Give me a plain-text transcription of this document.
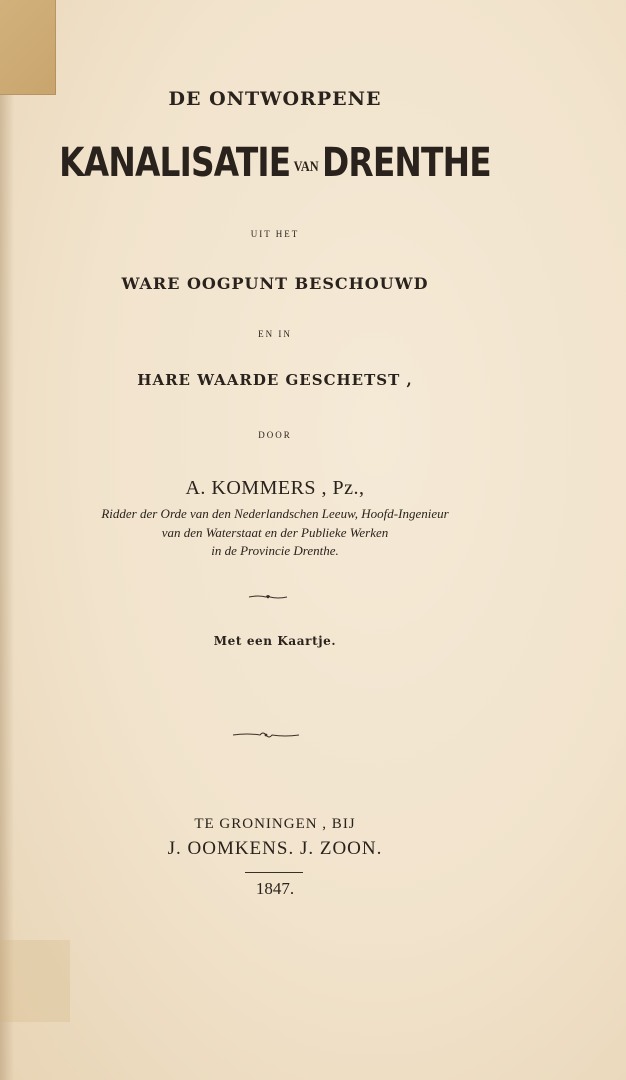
DE ONTWORPENE
KANALISATIE VANDRENTHE
UIT HET
WARE OOGPUNT BESCHOUWD
EN IN
HARE WAARDE GESCHETST ,
DOOR
A. KOMMERS , Pz.,
Ridder der Orde van den Nederlandschen Leeuw, Hoofd-Ingenieur
van den Waterstaat en der Publieke Werken
in de Provincie Drenthe.
Met een Kaartje.
TE GRONINGEN , BIJ
J. OOMKENS. J. ZOON.
1847.
